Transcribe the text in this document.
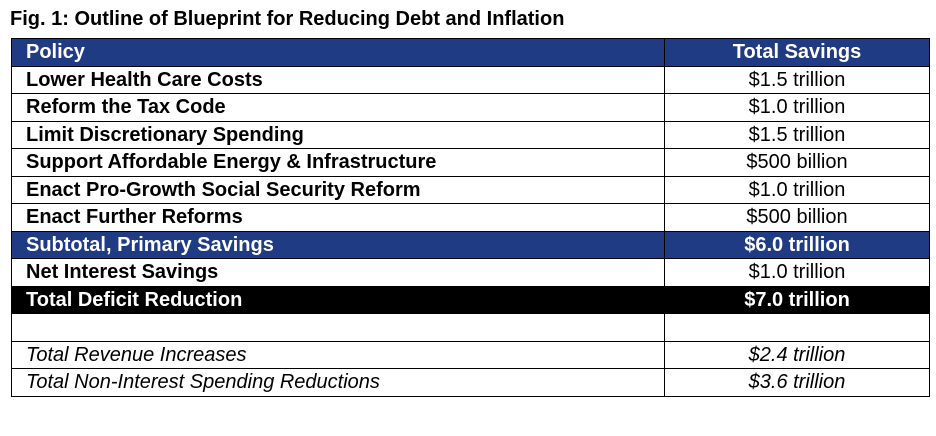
Fig. 1: Outline of Blueprint for Reducing Debt and Inflation
Policy	Total Savings
Lower Health Care Costs	$1.5 trillion
Reform the Tax Code	$1.0 trillion
Limit Discretionary Spending	$1.5 trillion
Support Affordable Energy & Infrastructure	$500 billion
Enact Pro-Growth Social Security Reform	$1.0 trillion
Enact Further Reforms	$500 billion
Subtotal, Primary Savings	$6.0 trillion
Net Interest Savings	$1.0 trillion
Total Deficit Reduction	$7.0 trillion

Total Revenue Increases	$2.4 trillion
Total Non-Interest Spending Reductions	$3.6 trillion
